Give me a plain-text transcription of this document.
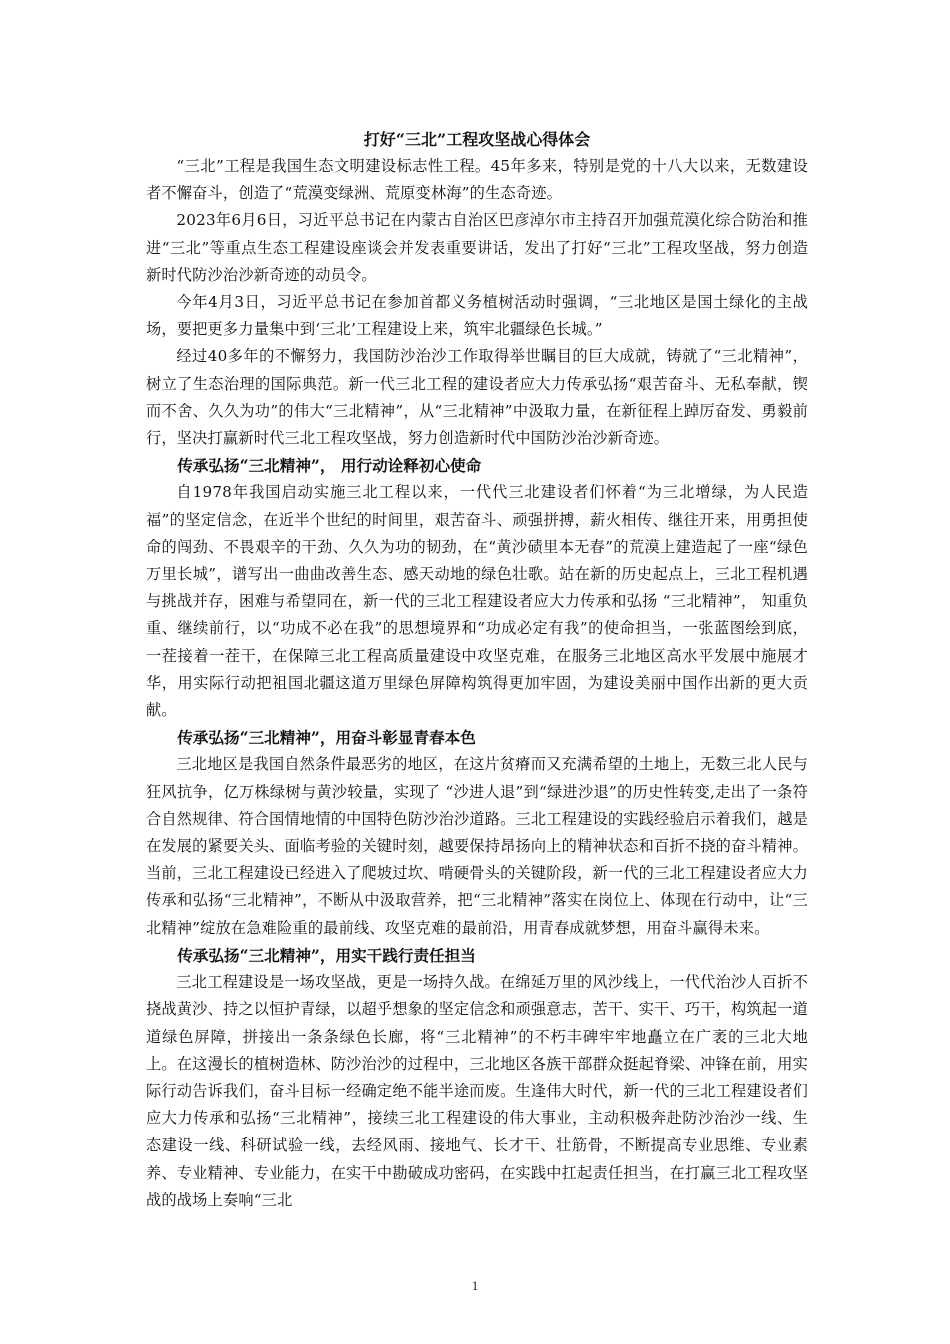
打好“三北”工程攻坚战心得体会

“三北”工程是我国生态文明建设标志性工程。45年多来，特别是党的十八大以来，无数建设者不懈奋斗，创造了“荒漠变绿洲、荒原变林海”的生态奇迹。

2023年6月6日，习近平总书记在内蒙古自治区巴彦淖尔市主持召开加强荒漠化综合防治和推进“三北”等重点生态工程建设座谈会并发表重要讲话，发出了打好“三北”工程攻坚战，努力创造新时代防沙治沙新奇迹的动员令。

今年4月3日，习近平总书记在参加首都义务植树活动时强调，“三北地区是国土绿化的主战场，要把更多力量集中到‘三北’工程建设上来，筑牢北疆绿色长城。”

经过40多年的不懈努力，我国防沙治沙工作取得举世瞩目的巨大成就，铸就了“三北精神”，树立了生态治理的国际典范。新一代三北工程的建设者应大力传承弘扬“艰苦奋斗、无私奉献，锲而不舍、久久为功”的伟大“三北精神”，从“三北精神”中汲取力量，在新征程上踔厉奋发、勇毅前行，坚决打赢新时代三北工程攻坚战，努力创造新时代中国防沙治沙新奇迹。

传承弘扬“三北精神”， 用行动诠释初心使命

自1978年我国启动实施三北工程以来，一代代三北建设者们怀着“为三北增绿，为人民造福”的坚定信念，在近半个世纪的时间里，艰苦奋斗、顽强拼搏，薪火相传、继往开来，用勇担使命的闯劲、不畏艰辛的干劲、久久为功的韧劲，在“黄沙碛里本无春”的荒漠上建造起了一座“绿色万里长城”，谱写出一曲曲改善生态、感天动地的绿色壮歌。站在新的历史起点上，三北工程机遇与挑战并存，困难与希望同在，新一代的三北工程建设者应大力传承和弘扬 “三北精神”， 知重负重、继续前行，以“功成不必在我”的思想境界和“功成必定有我”的使命担当，一张蓝图绘到底，一茬接着一茬干，在保障三北工程高质量建设中攻坚克难，在服务三北地区高水平发展中施展才华，用实际行动把祖国北疆这道万里绿色屏障构筑得更加牢固，为建设美丽中国作出新的更大贡献。

传承弘扬“三北精神”，用奋斗彰显青春本色

三北地区是我国自然条件最恶劣的地区，在这片贫瘠而又充满希望的土地上，无数三北人民与狂风抗争，亿万株绿树与黄沙较量，实现了 “沙进人退”到“绿进沙退”的历史性转变,走出了一条符合自然规律、符合国情地情的中国特色防沙治沙道路。三北工程建设的实践经验启示着我们，越是在发展的紧要关头、面临考验的关键时刻，越要保持昂扬向上的精神状态和百折不挠的奋斗精神。当前，三北工程建设已经进入了爬坡过坎、啃硬骨头的关键阶段，新一代的三北工程建设者应大力传承和弘扬“三北精神”，不断从中汲取营养，把“三北精神”落实在岗位上、体现在行动中，让“三北精神”绽放在急难险重的最前线、攻坚克难的最前沿，用青春成就梦想，用奋斗赢得未来。

传承弘扬“三北精神”，用实干践行责任担当

三北工程建设是一场攻坚战，更是一场持久战。在绵延万里的风沙线上，一代代治沙人百折不挠战黄沙、持之以恒护青绿，以超乎想象的坚定信念和顽强意志，苦干、实干、巧干，构筑起一道道绿色屏障，拼接出一条条绿色长廊，将“三北精神”的不朽丰碑牢牢地矗立在广袤的三北大地上。在这漫长的植树造林、防沙治沙的过程中，三北地区各族干部群众挺起脊梁、冲锋在前，用实际行动告诉我们，奋斗目标一经确定绝不能半途而废。生逢伟大时代，新一代的三北工程建设者们应大力传承和弘扬“三北精神”，接续三北工程建设的伟大事业，主动积极奔赴防沙治沙一线、生态建设一线、科研试验一线，去经风雨、接地气、长才干、壮筋骨，不断提高专业思维、专业素养、专业精神、专业能力，在实干中勘破成功密码，在实践中扛起责任担当，在打赢三北工程攻坚战的战场上奏响“三北

1
